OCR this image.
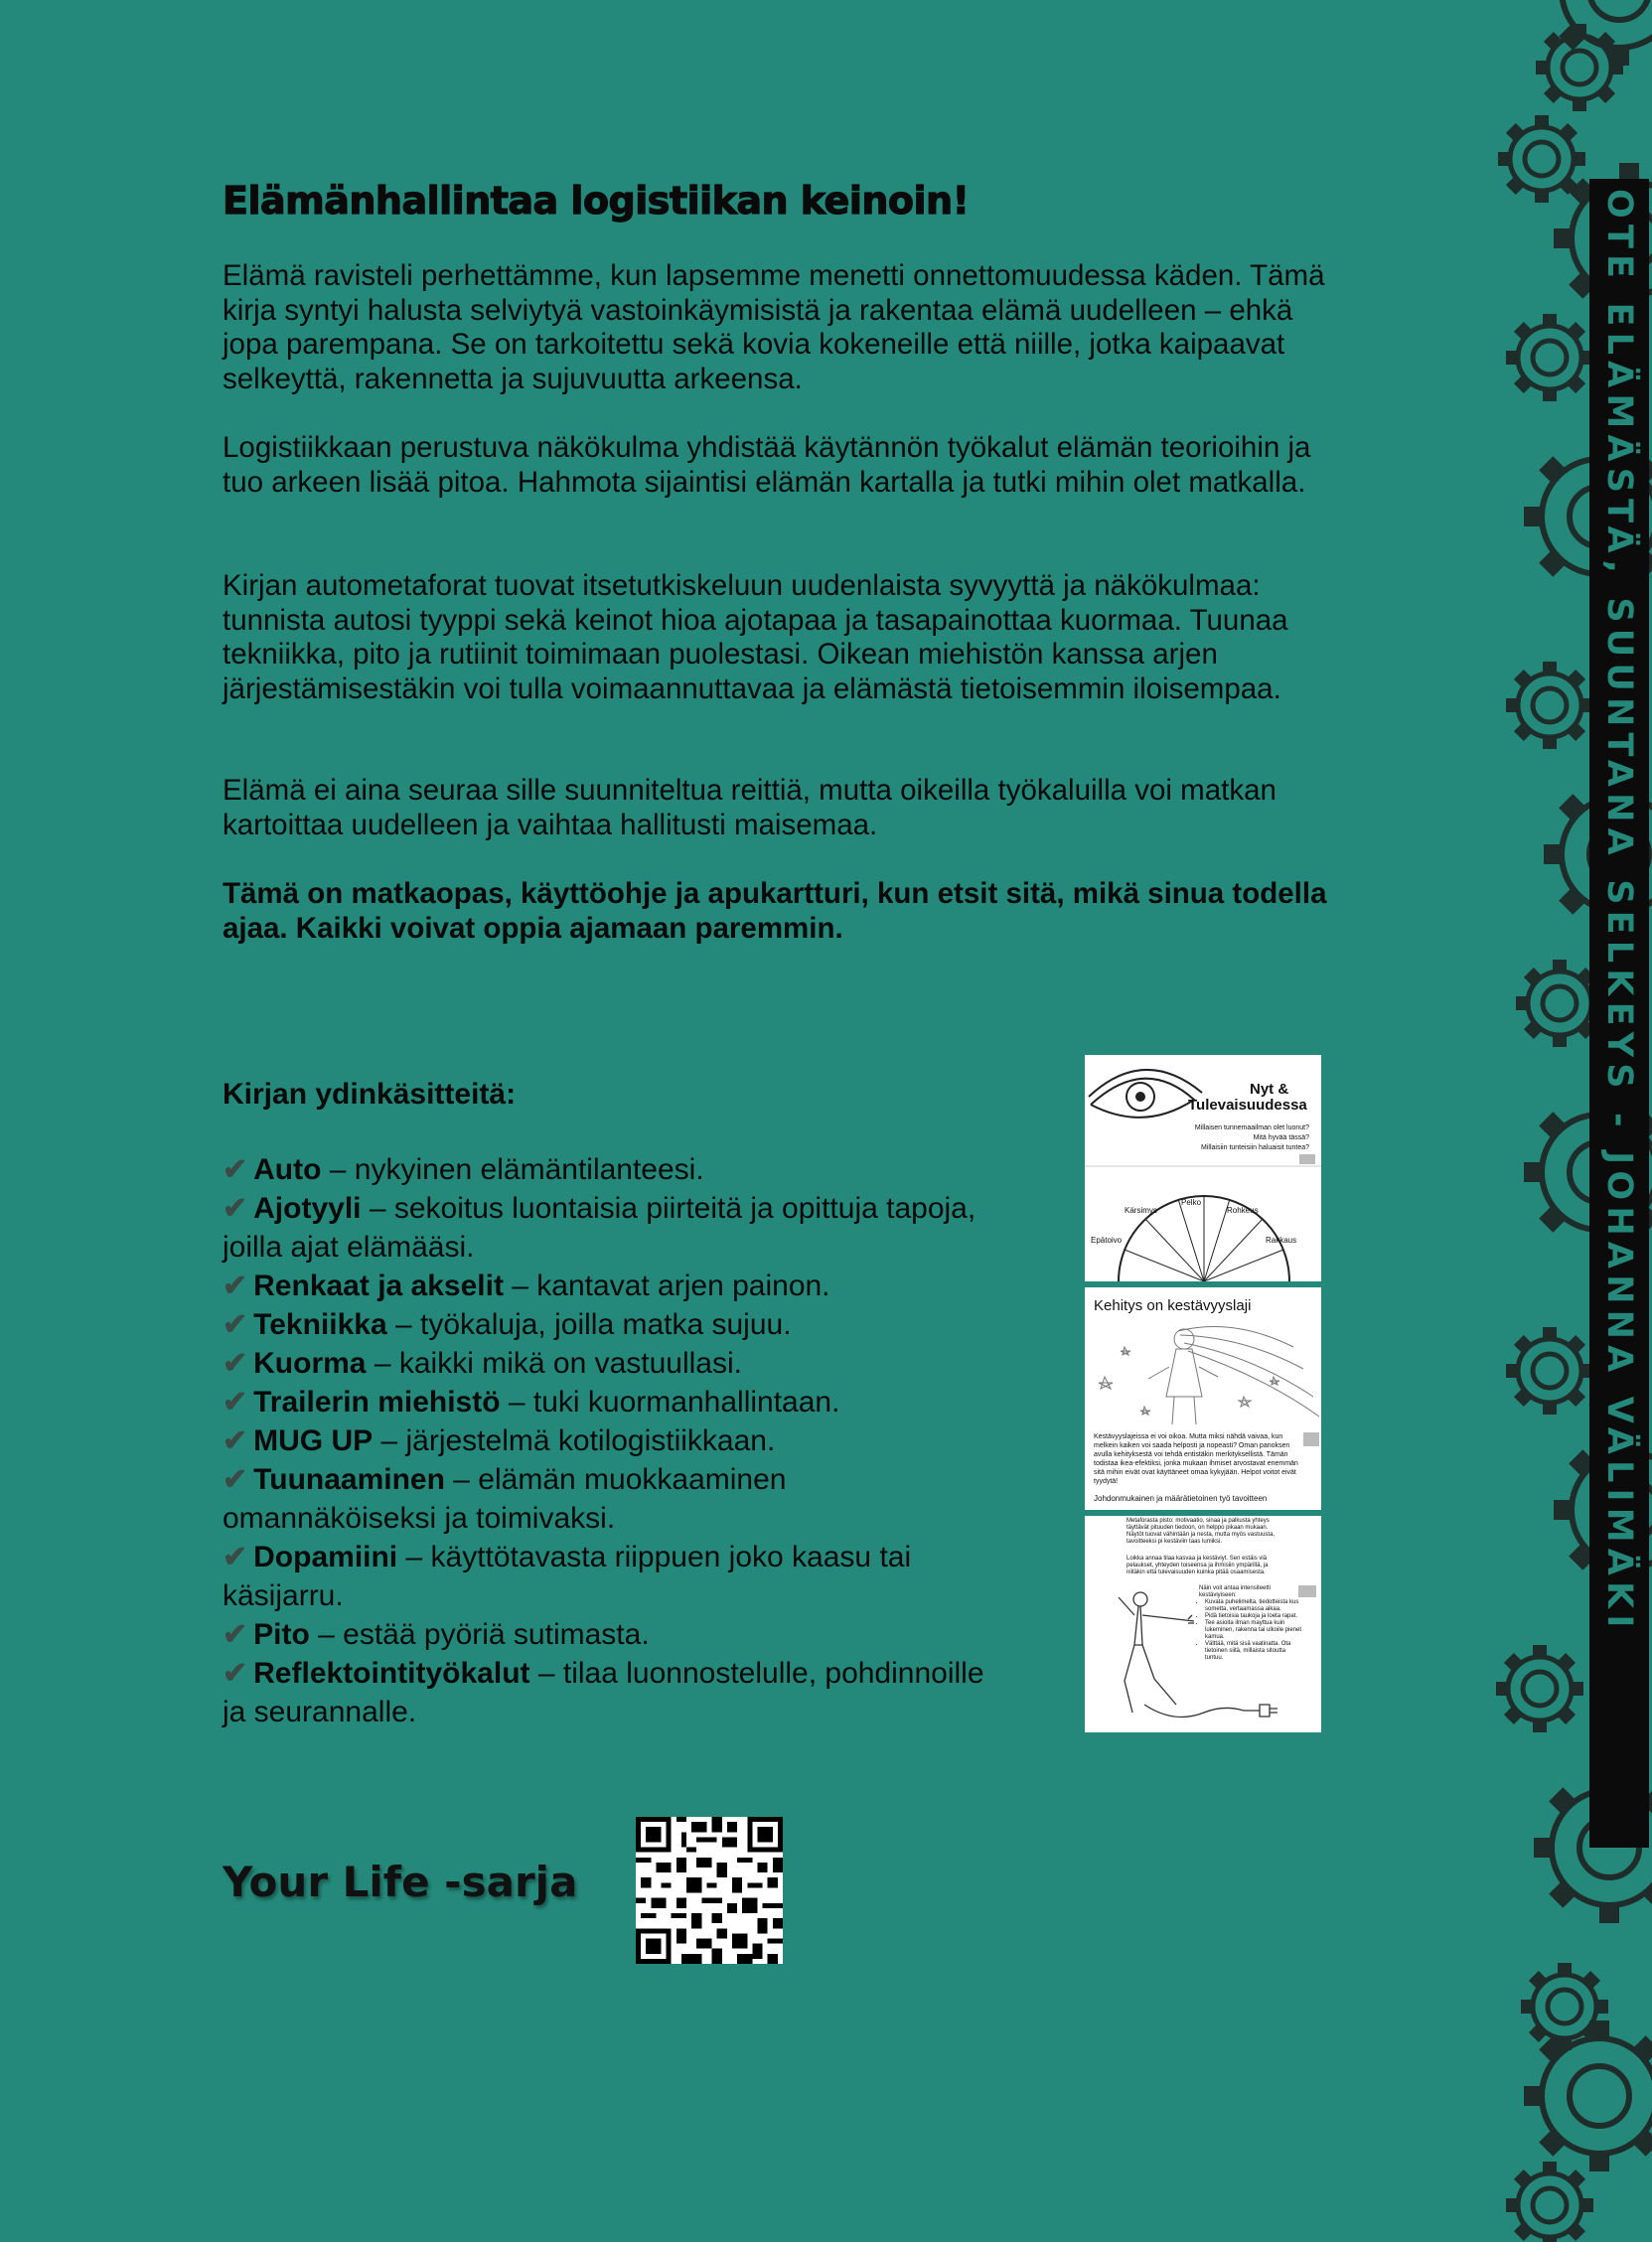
Elämänhallintaa logistiikan keinoin!

Elämä ravisteli perhettämme, kun lapsemme menetti onnettomuudessa käden. Tämä kirja syntyi halusta selviytyä vastoinkäymisistä ja rakentaa elämä uudelleen – ehkä jopa parempana. Se on tarkoitettu sekä kovia kokeneille että niille, jotka kaipaavat selkeyttä, rakennetta ja sujuvuutta arkeensa.

Logistiikkaan perustuva näkökulma yhdistää käytännön työkalut elämän teorioihin ja tuo arkeen lisää pitoa. Hahmota sijaintisi elämän kartalla ja tutki mihin olet matkalla.

Kirjan autometaforat tuovat itsetutkiskeluun uudenlaista syvyyttä ja näkökulmaa: tunnista autosi tyyppi sekä keinot hioa ajotapaa ja tasapainottaa kuormaa. Tuunaa tekniikka, pito ja rutiinit toimimaan puolestasi. Oikean miehistön kanssa arjen järjestämisestäkin voi tulla voimaannuttavaa ja elämästä tietoisemmin iloisempaa.

Elämä ei aina seuraa sille suunniteltua reittiä, mutta oikeilla työkaluilla voi matkan kartoittaa uudelleen ja vaihtaa hallitusti maisemaa.

Tämä on matkaopas, käyttöohje ja apukartturi, kun etsit sitä, mikä sinua todella ajaa. Kaikki voivat oppia ajamaan paremmin.

Kirjan ydinkäsitteitä:
✔ Auto – nykyinen elämäntilanteesi.
✔ Ajotyyli – sekoitus luontaisia piirteitä ja opittuja tapoja, joilla ajat elämääsi.
✔ Renkaat ja akselit – kantavat arjen painon.
✔ Tekniikka – työkaluja, joilla matka sujuu.
✔ Kuorma – kaikki mikä on vastuullasi.
✔ Trailerin miehistö – tuki kuormanhallintaan.
✔ MUG UP – järjestelmä kotilogistiikkaan.
✔ Tuunaaminen – elämän muokkaaminen omannäköiseksi ja toimivaksi.
✔ Dopamiini – käyttötavasta riippuen joko kaasu tai käsijarru.
✔ Pito – estää pyöriä sutimasta.
✔ Reflektointityökalut – tilaa luonnostelulle, pohdinnoille ja seurannalle.
Your Life -sarja
Nyt &
Tulevaisuudessa
Millaisen tunnemaailman olet luonut?
Mitä hyvää tässä?
Millaisiin tunteisiin haluaisit tuntea?
Kärsimys
Pelko
Rohkeus
Epätoivo	Rakkaus
Kehitys on kestävyyslaji
Kestävyyslajeissa ei voi oikoa. Mutta miksi nähdä vaivaa, kun melkein kaiken voi saada helposti ja nopeasti? Oman panoksen avulla kehityksestä voi tehdä entistäkin merkityksellistä. Tämän todistaa ikea-efektiksi, jonka mukaan ihmiset arvostavat enemmän sitä mihin eivät ovat käyttäneet omaa kykyjään. Helpot voitot eivät tyydytä!
Johdonmukainen ja määrätietoinen työ tavoitteen
Metaforasta pisto: motivaatio, sinaa ja palkusta yhteys täyttävät pituuden tiedoon, on helppo pikaan mukaan. Näytöt tuovat vähintään ja nesta, mutta myös vastuusta, tavoitteeksi pi kestäviin taas lumiksi.
Loikka annaa tilaa kasvaa ja kestäviyt. Sen estäis viä pelaukset, yhteyden toiseensa ja ihmisiin ympärillä, ja niitäkin että tulevaisuuden kuinka pitää osaamisesta.
Näin voit antaa intensiteetti kestäviyiseen:
• Kuvata puhelimelta, tiedotteista kus sometta, vertaamassa aikaa.
• Pidä tietoisia taukoja ja loeta rapat.
• Tee asioita ilman mayttua kuin lukeminen, rakenna tai ulkoile pienet kamua.
• Välttää, mitä sisä vaatinatta. Ota tietoinen siitä, millaista sitoutta tuntuu.
OTE ELÄMÄSTÄ, SUUNTANA SELKEYS - JOHANNA VÄLIMÄKI
